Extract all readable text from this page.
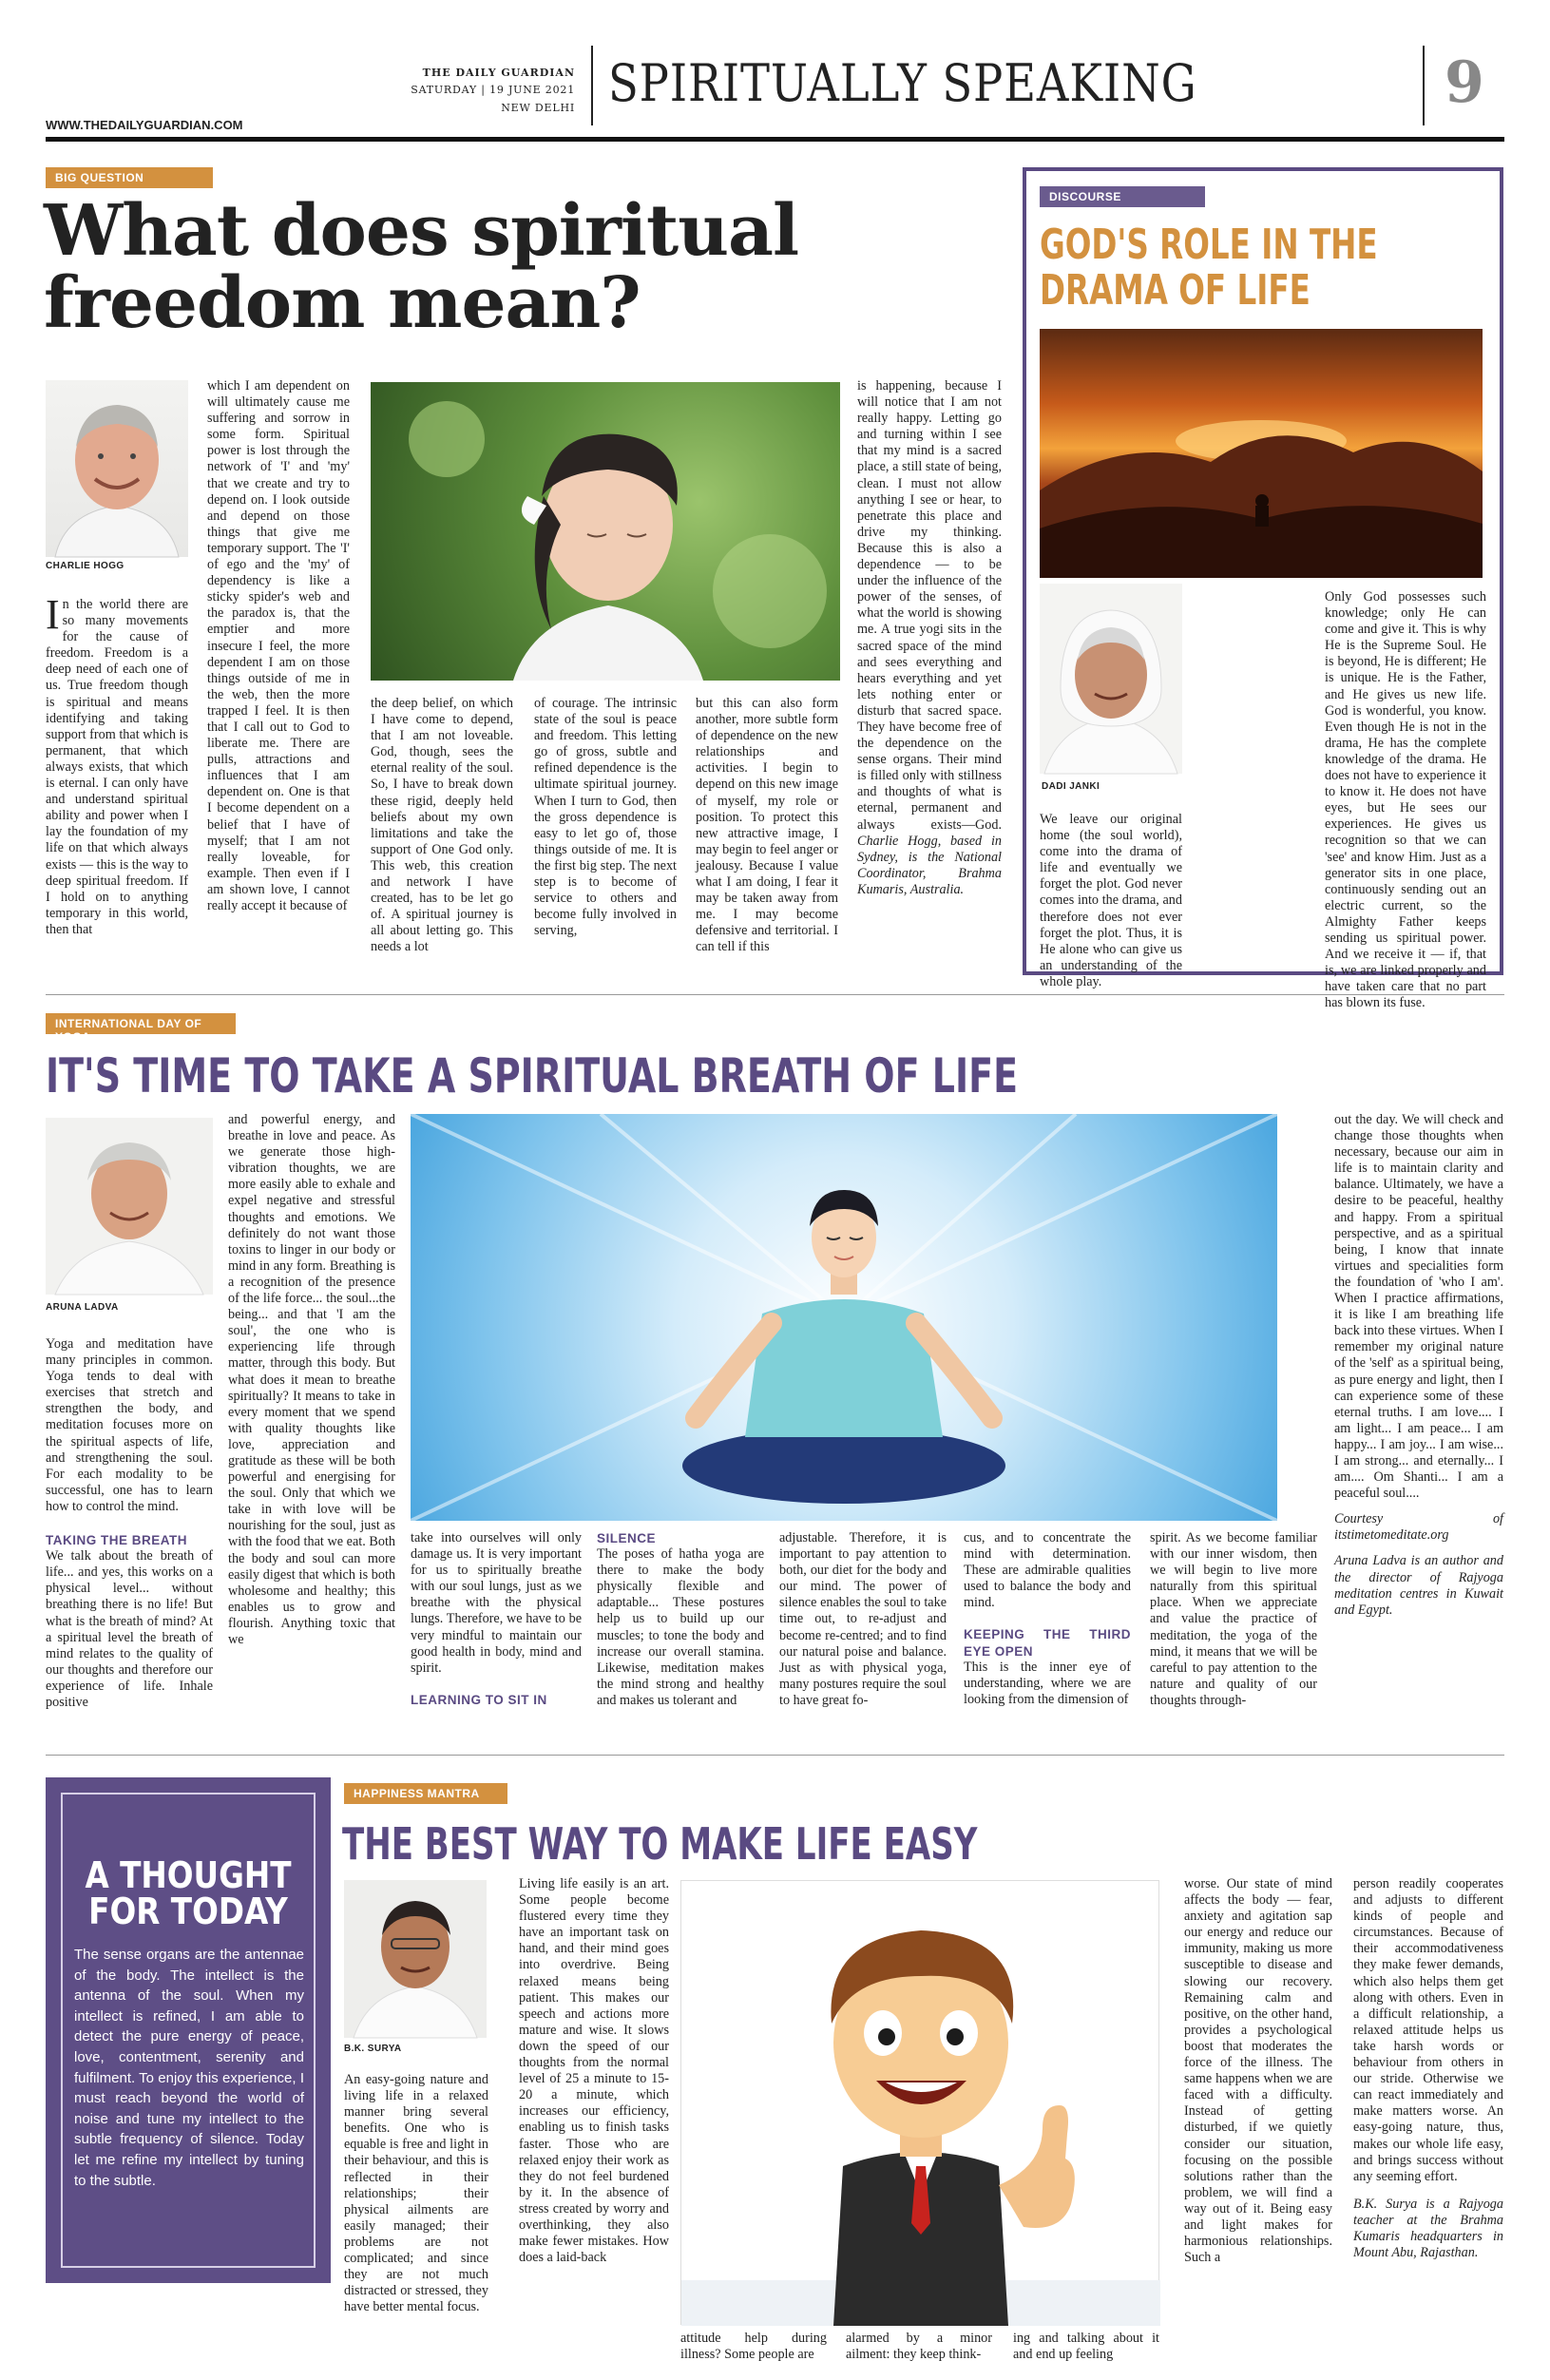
THE DAILY GUARDIAN
SATURDAY | 19 JUNE 2021
NEW DELHI SPIRITUALLY SPEAKING	9
WWW.THEDAILYGUARDIAN.COM
BIG QUESTION
What does spiritual
freedom mean?
CHARLIE HOGG

In the world there are so many movements for the cause of freedom. Freedom is a deep need of each one of us. True freedom though is spiritual and means identifying and taking support from that which is permanent, that which always exists, that which is eternal. I can only have and understand spiritual ability and power when I lay the foundation of my life on that which always exists — this is the way to deep spiritual freedom. If I hold on to anything temporary in this world, then that

which I am dependent on will ultimately cause me suffering and sorrow in some form. Spiritual power is lost through the network of 'I' and 'my' that we create and try to depend on. I look outside and depend on those things that give me temporary support. The 'I' of ego and the 'my' of dependency is like a sticky spider's web and the paradox is, that the emptier and more insecure I feel, the more dependent I am on those things outside of me in the web, then the more trapped I feel. It is then that I call out to God to liberate me. There are pulls, attractions and influences that I am dependent on. One is that I become dependent on a belief that I have of myself; that I am not really loveable, for example. Then even if I am shown love, I cannot really accept it because of
the deep belief, on which I have come to depend, that I am not loveable. God, though, sees the eternal reality of the soul. So, I have to break down these rigid, deeply held beliefs about my own limitations and take the support of One God only. This web, this creation and network I have created, has to be let go of. A spiritual journey is all about letting go. This needs a lot
of courage. The intrinsic state of the soul is peace and freedom. This letting go of gross, subtle and refined dependence is the ultimate spiritual journey. When I turn to God, then the gross dependence is easy to let go of, those things outside of me. It is the first big step. The next step is to become of service to others and become fully involved in serving,
but this can also form another, more subtle form of dependence on the new relationships and activities. I begin to depend on this new image of myself, my role or position. To protect this new attractive image, I may begin to feel anger or jealousy. Because I value what I am doing, I fear it may be taken away from me. I may become defensive and territorial. I can tell if this

is happening, because I will notice that I am not really happy. Letting go and turning within I see that my mind is a sacred place, a still state of being, clean. I must not allow anything I see or hear, to penetrate this place and drive my thinking. Because this is also a dependence — to be under the influence of the power of the senses, of what the world is showing me. A true yogi sits in the sacred space of the mind and sees everything and hears everything and yet lets nothing enter or disturb that sacred space. They have become free of the dependence on the sense organs. Their mind is filled only with stillness and thoughts of what is eternal, permanent and always exists—God. Charlie Hogg, based in Sydney, is the National Coordinator, Brahma Kumaris, Australia.

DISCOURSE
GOD'S ROLE IN THE
DRAMA OF LIFE
DADI JANKI
We leave our original home (the soul world), come into the drama of life and eventually we forget the plot. God never comes into the drama, and therefore does not ever forget the plot. Thus, it is He alone who can give us an understanding of the whole play.
Only God possesses such knowledge; only He can come and give it. This is why He is the Supreme Soul. He is beyond, He is different; He is unique. He is the Father, and He gives us new life. God is wonderful, you know. Even though He is not in the drama, He has the complete knowledge of the drama. He does not have to experience it to know it. He does not have eyes, but He sees our experiences. He gives us recognition so that we can 'see' and know Him. Just as a generator sits in one place, continuously sending out an electric current, so the Almighty Father keeps sending us spiritual power. And we receive it — if, that is, we are linked properly and have taken care that no part has blown its fuse.
INTERNATIONAL DAY OF YOGA
IT'S TIME TO TAKE A SPIRITUAL BREATH OF LIFE
ARUNA LADVA

Yoga and meditation have many principles in common. Yoga tends to deal with exercises that stretch and strengthen the body, and meditation focuses more on the spiritual aspects of life, and strengthening the soul. For each modality to be successful, one has to learn how to control the mind.

TAKING THE BREATH

We talk about the breath of life... and yes, this works on a physical level... without breathing there is no life! But what is the breath of mind? At a spiritual level the breath of mind relates to the quality of our thoughts and therefore our experience of life. Inhale positive

and powerful energy, and breathe in love and peace. As we generate those high-vibration thoughts, we are more easily able to exhale and expel negative and stressful thoughts and emotions. We definitely do not want those toxins to linger in our body or mind in any form. Breathing is a recognition of the presence of the life force... the soul...the being... and that 'I am the soul', the one who is experiencing life through matter, through this body. But what does it mean to breathe spiritually? It means to take in every moment that we spend with quality thoughts like love, appreciation and gratitude as these will be both powerful and energising for the soul. Only that which we take in with love will be nourishing for the soul, just as with the food that we eat. Both the body and soul can more easily digest that which is both wholesome and healthy; this enables us to grow and flourish. Anything toxic that we

take into ourselves will only damage us. It is very important for us to spiritually breathe with our soul lungs, just as we breathe with the physical lungs. Therefore, we have to be very mindful to maintain our good health in body, mind and spirit.

LEARNING TO SIT IN

SILENCE

The poses of hatha yoga are there to make the body physically flexible and adaptable... These postures help us to build up our muscles; to tone the body and increase our overall stamina. Likewise, meditation makes the mind strong and healthy and makes us tolerant and

adjustable. Therefore, it is important to pay attention to both, our diet for the body and our mind. The power of silence enables the soul to take time out, to re-adjust and become re-centred; and to find our natural poise and balance. Just as with physical yoga, many postures require the soul to have great fo-

cus, and to concentrate the mind with determination. These are admirable qualities used to balance the body and mind.

KEEPING THE THIRD EYE OPEN

This is the inner eye of understanding, where we are looking from the dimension of

spirit. As we become familiar with our inner wisdom, then we will begin to live more naturally from this spiritual place. When we appreciate and value the practice of meditation, the yoga of the mind, it means that we will be careful to pay attention to the nature and quality of our thoughts through-

out the day. We will check and change those thoughts when necessary, because our aim in life is to maintain clarity and balance. Ultimately, we have a desire to be peaceful, healthy and happy. From a spiritual perspective, and as a spiritual being, I know that innate virtues and specialities form the foundation of 'who I am'. When I practice affirmations, it is like I am breathing life back into these virtues. When I remember my original nature of the 'self' as a spiritual being, as pure energy and light, then I can experience some of these eternal truths. I am love.... I am light... I am peace... I am happy... I am joy... I am wise... I am strong... and eternally... I am.... Om Shanti... I am a peaceful soul....

Courtesy of itstimetomeditate.org

Aruna Ladva is an author and the director of Rajyoga meditation centres in Kuwait and Egypt.

A THOUGHT
FOR TODAY
The sense organs are the antennae of the body. The intellect is the antenna of the soul. When my intellect is refined, I am able to detect the pure energy of peace, love, contentment, serenity and fulfilment. To enjoy this experience, I must reach beyond the world of noise and tune my intellect to the subtle frequency of silence. Today let me refine my intellect by tuning to the subtle.
HAPPINESS MANTRA
THE BEST WAY TO MAKE LIFE EASY
B.K. SURYA
An easy-going nature and living life in a relaxed manner bring several benefits. One who is equable is free and light in their behaviour, and this is reflected in their relationships; their physical ailments are easily managed; their problems are not complicated; and since they are not much distracted or stressed, they have better mental focus.
Living life easily is an art. Some people become flustered every time they have an important task on hand, and their mind goes into overdrive. Being relaxed means being patient. This makes our speech and actions more mature and wise. It slows down the speed of our thoughts from the normal level of 25 a minute to 15-20 a minute, which increases our efficiency, enabling us to finish tasks faster. Those who are relaxed enjoy their work as they do not feel burdened by it. In the absence of stress created by worry and overthinking, they also make fewer mistakes. How does a laid-back
attitude help during illness? Some people are
alarmed by a minor ailment: they keep think-
ing and talking about it and end up feeling
worse. Our state of mind affects the body — fear, anxiety and agitation sap our energy and reduce our immunity, making us more susceptible to disease and slowing our recovery. Remaining calm and positive, on the other hand, provides a psychological boost that moderates the force of the illness. The same happens when we are faced with a difficulty. Instead of getting disturbed, if we quietly consider our situation, focusing on the possible solutions rather than the problem, we will find a way out of it. Being easy and light makes for harmonious relationships. Such a

person readily cooperates and adjusts to different kinds of people and circumstances. Because of their accommodativeness they make fewer demands, which also helps them get along with others. Even in a difficult relationship, a relaxed attitude helps us take harsh words or behaviour from others in our stride. Otherwise we can react immediately and make matters worse. An easy-going nature, thus, makes our whole life easy, and brings success without any seeming effort.

B.K. Surya is a Rajyoga teacher at the Brahma Kumaris headquarters in Mount Abu, Rajasthan.
